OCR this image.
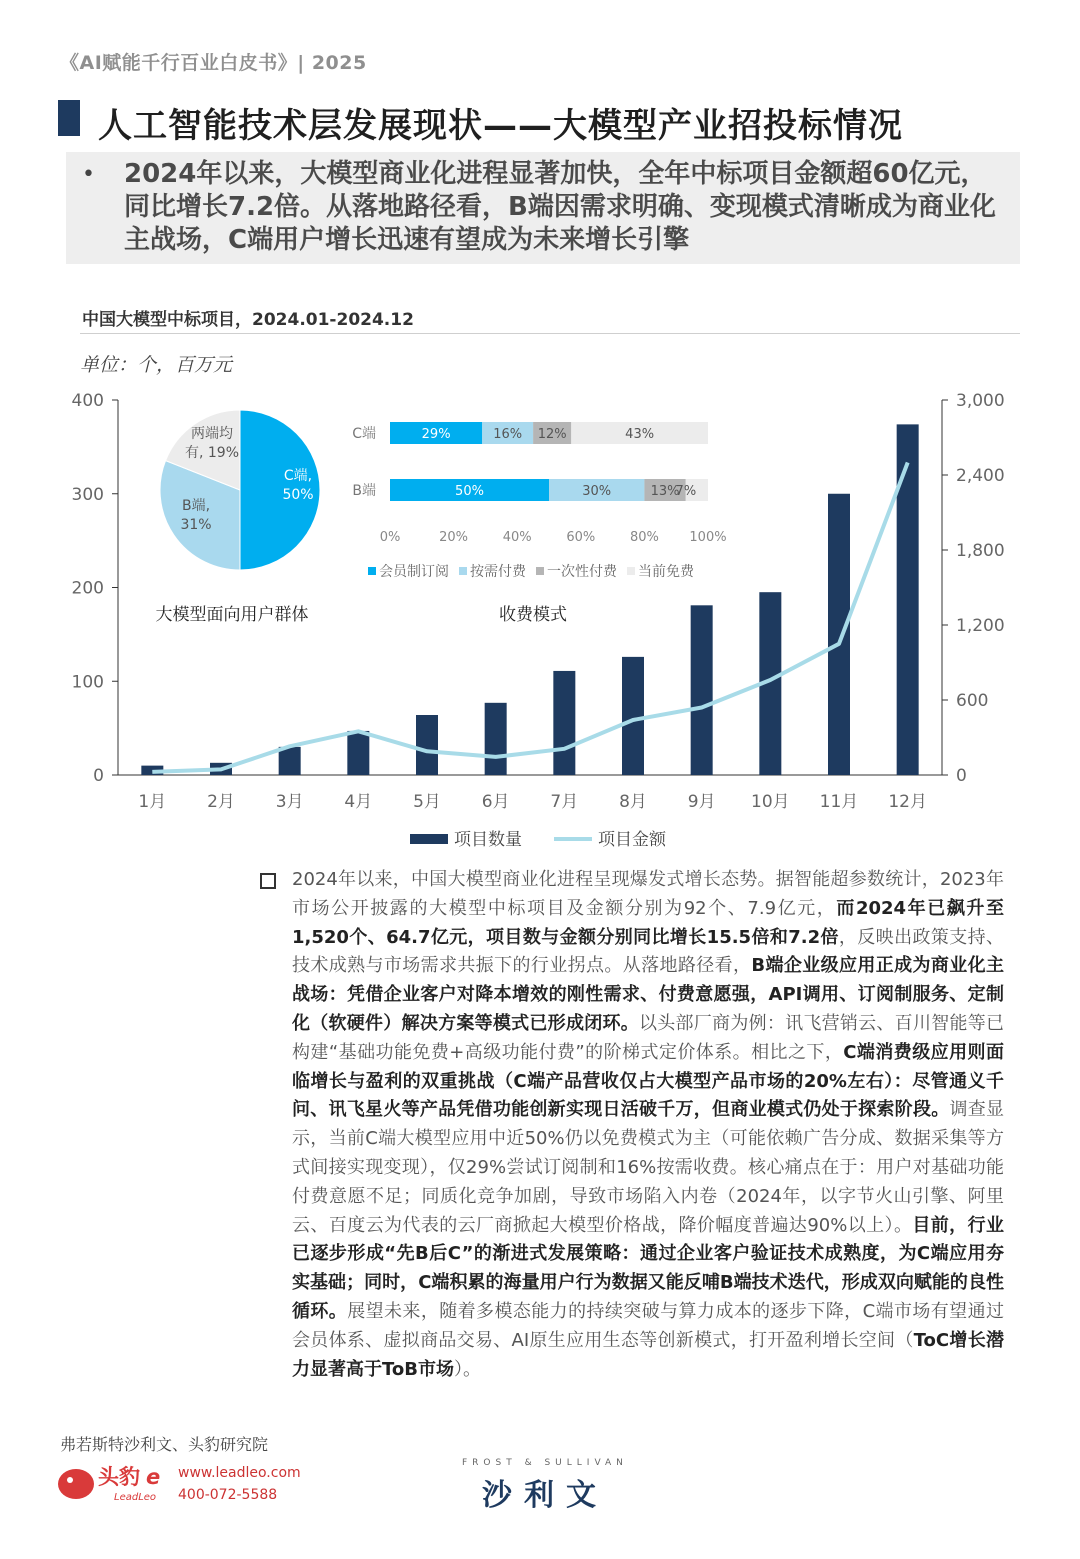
《AI赋能千行百业白皮书》| 2025
人工智能技术层发展现状——大模型产业招投标情况
• 2024年以来，大模型商业化进程显著加快，全年中标项目金额超60亿元，同比增长7.2倍。从落地路径看，B端因需求明确、变现模式清晰成为商业化主战场，C端用户增长迅速有望成为未来增长引擎
中国大模型中标项目，2024.01-2024.12
单位：个，百万元
0
100
200
300
400
0
600
1,200
1,800
2,400
3,000
1月 2月 3月 4月 5月 6月 7月 8月 9月 10月 11月 12月
项目数量	项目金额
C端, 50%
B端, 31%
两端均有, 19%
大模型面向用户群体
C端	29%	16% 12%	43%
B端	50%	30%	13%
7%
0%	20%	40%	60%	80% 100%
会员制订阅 按需付费 一次性付费 当前免费
收费模式
2024年以来，中国大模型商业化进程呈现爆发式增长态势。据智能超参数统计，2023年市场公开披露的大模型中标项目及金额分别为92个、7.9亿元，而2024年已飙升至1,520个、64.7亿元，项目数与金额分别同比增长15.5倍和7.2倍，反映出政策支持、技术成熟与市场需求共振下的行业拐点。从落地路径看，B端企业级应用正成为商业化主战场：凭借企业客户对降本增效的刚性需求、付费意愿强，API调用、订阅制服务、定制化（软硬件）解决方案等模式已形成闭环。以头部厂商为例：讯飞营销云、百川智能等已构建“基础功能免费+高级功能付费”的阶梯式定价体系。相比之下，C端消费级应用则面临增长与盈利的双重挑战（C端产品营收仅占大模型产品市场的20%左右）：尽管通义千问、讯飞星火等产品凭借功能创新实现日活破千万，但商业模式仍处于探索阶段。调查显示，当前C端大模型应用中近50%仍以免费模式为主（可能依赖广告分成、数据采集等方式间接实现变现），仅29%尝试订阅制和16%按需收费。核心痛点在于：用户对基础功能付费意愿不足；同质化竞争加剧，导致市场陷入内卷（2024年，以字节火山引擎、阿里云、百度云为代表的云厂商掀起大模型价格战，降价幅度普遍达90%以上）。目前，行业已逐步形成“先B后C”的渐进式发展策略：通过企业客户验证技术成熟度，为C端应用夯实基础；同时，C端积累的海量用户行为数据又能反哺B端技术迭代，形成双向赋能的良性循环。展望未来，随着多模态能力的持续突破与算力成本的逐步下降，C端市场有望通过会员体系、虚拟商品交易、AI原生应用生态等创新模式，打开盈利增长空间（ToC增长潜力显著高于ToB市场）。
弗若斯特沙利文、头豹研究院
头豹 e
LeadLeo
www.leadleo.com
400-072-5588
FROST & SULLIVAN
沙利文
